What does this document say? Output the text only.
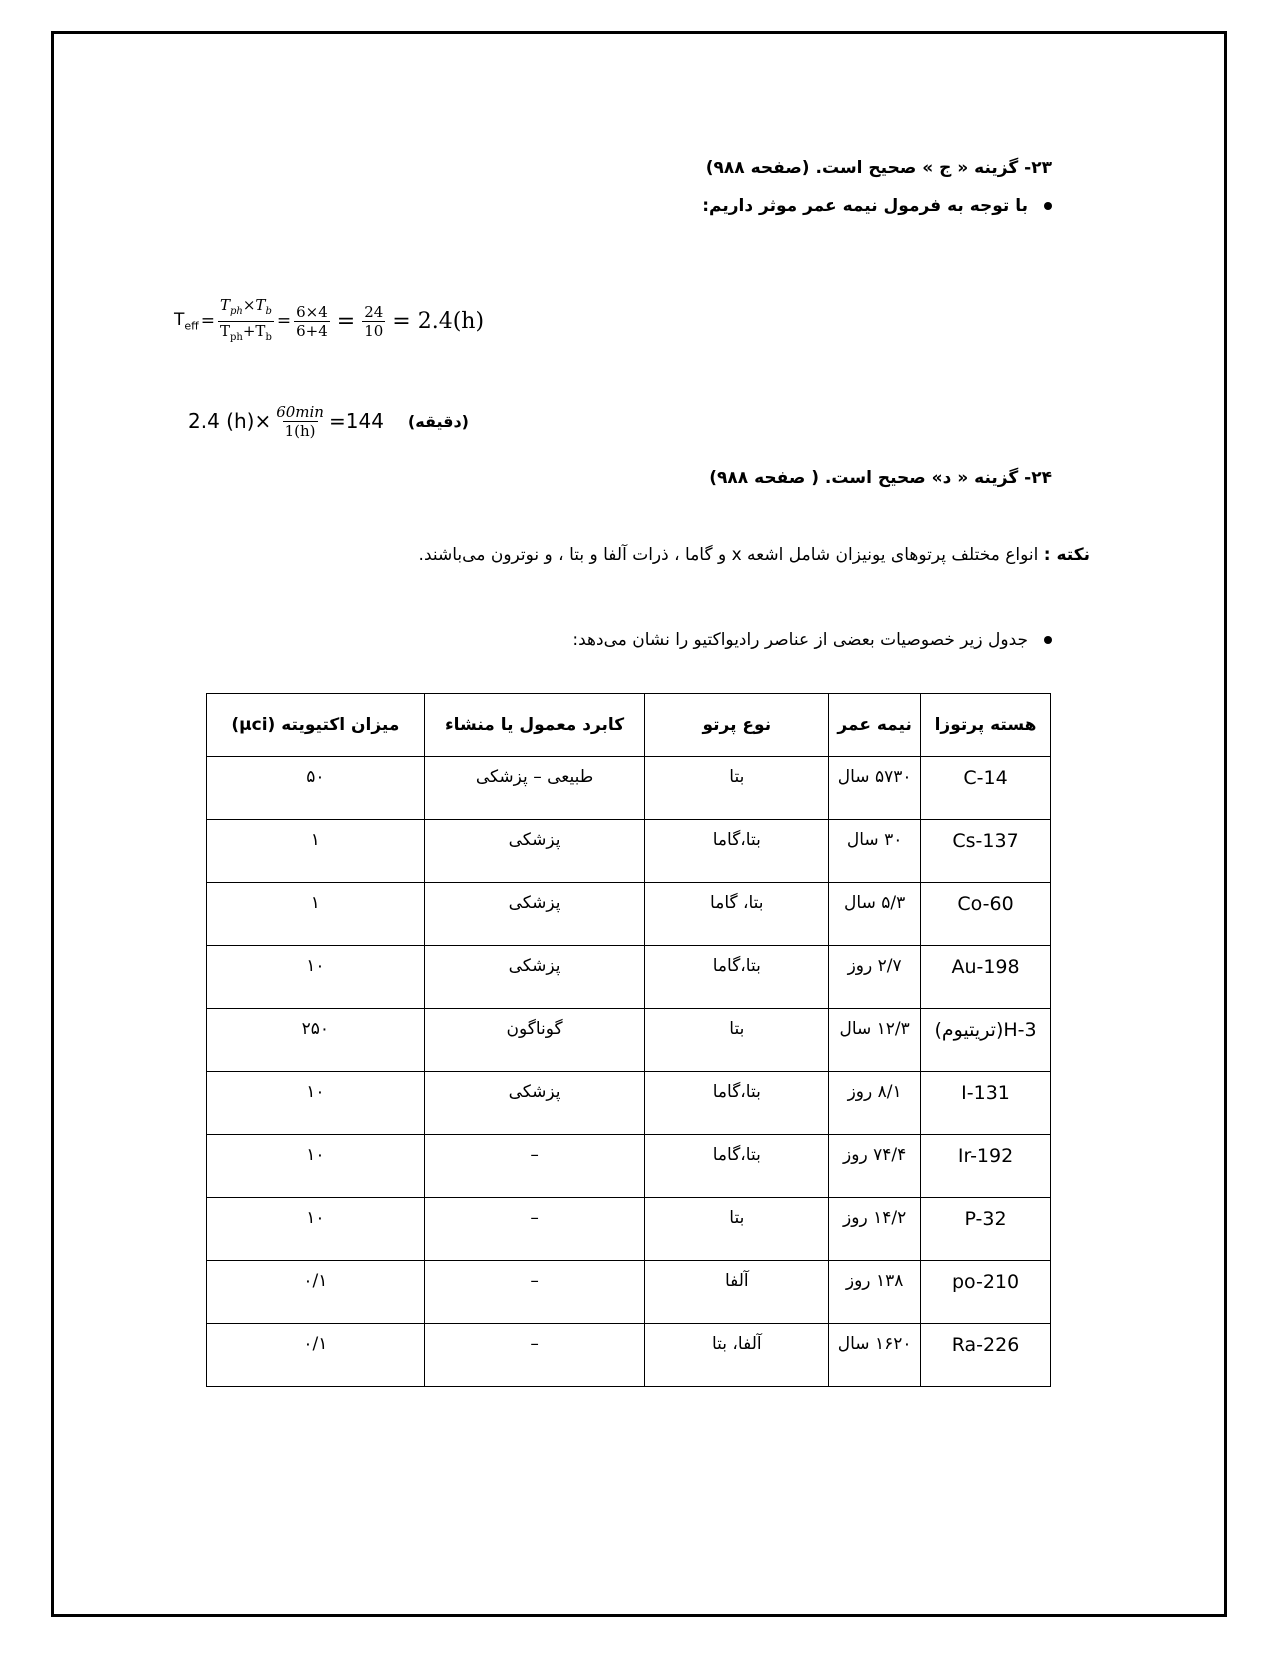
۲۳- گزینه « ج » صحیح است. (صفحه ۹۸۸)
با توجه به فرمول نیمه عمر موثر داریم:
$T_{eff} = \frac{T_{ph}\times T_b}{T_{ph}+T_b} = \frac{6\times 4}{6+4} = \frac{24}{10} = 2.4(h)$
2.4 $(h)\times \frac{60\min}{1(h)} =144$ (دقیقه)
۲۴- گزینه « د» صحیح است. ( صفحه ۹۸۸)
نکته : انواع مختلف پرتوهای یونیزان شامل اشعه x و گاما ، ذرات آلفا و بتا ، و نوترون می‌باشند.
جدول زیر خصوصیات بعضی از عناصر رادیواکتیو را نشان می‌دهد:
هسته پرتوزا	نیمه عمر	نوع پرتو	کابرد معمول یا منشاء	میزان اکتیویته (μci)
C-14	۵۷۳۰ سال	بتا	طبیعی – پزشکی	۵۰
Cs-137	۳۰ سال	بتا،گاما	پزشکی	۱
Co-60	۵/۳ سال	بتا، گاما	پزشکی	۱
Au-198	۲/۷ روز	بتا،گاما	پزشکی	۱۰
H-3(تریتیوم)	۱۲/۳ سال	بتا	گوناگون	۲۵۰
I-131	۸/۱ روز	بتا،گاما	پزشکی	۱۰
Ir-192	۷۴/۴ روز	بتا،گاما	–	۱۰
P-32	۱۴/۲ روز	بتا	–	۱۰
po-210	۱۳۸ روز	آلفا	–	۰/۱
Ra-226	۱۶۲۰ سال	آلفا، بتا	–	۰/۱
